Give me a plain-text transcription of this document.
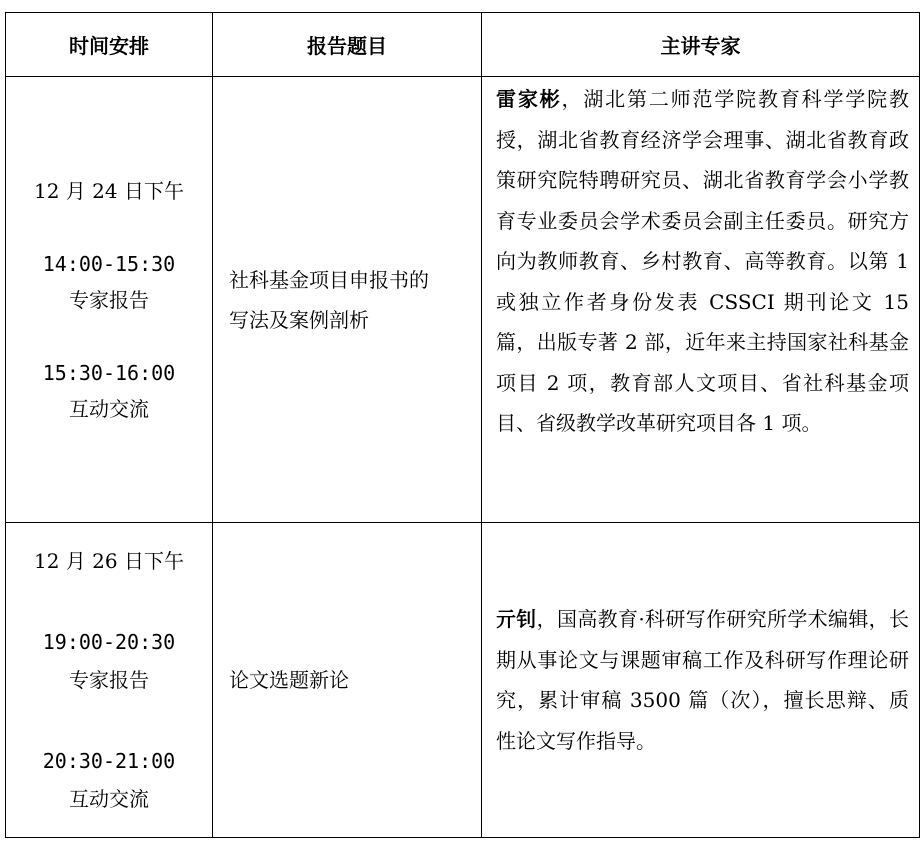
时间安排	报告题目	主讲专家

12 月 24 日下午
14:00-15:30
专家报告
15:30-16:00
互动交流	社科基金项目申报书的
写法及案例剖析	雷家彬，湖北第二师范学院教育科学学院教授，湖北省教育经济学会理事、湖北省教育政策研究院特聘研究员、湖北省教育学会小学教育专业委员会学术委员会副主任委员。研究方向为教师教育、乡村教育、高等教育。以第 1 或独立作者身份发表 CSSCI 期刊论文 15 篇，出版专著 2 部，近年来主持国家社科基金项目 2 项，教育部人文项目、省社科基金项目、省级教学改革研究项目各 1 项。

12 月 26 日下午
19:00-20:30
专家报告
20:30-21:00
互动交流	论文选题新论	亓钊，国高教育·科研写作研究所学术编辑，长期从事论文与课题审稿工作及科研写作理论研究，累计审稿 3500 篇（次），擅长思辩、质性论文写作指导。
